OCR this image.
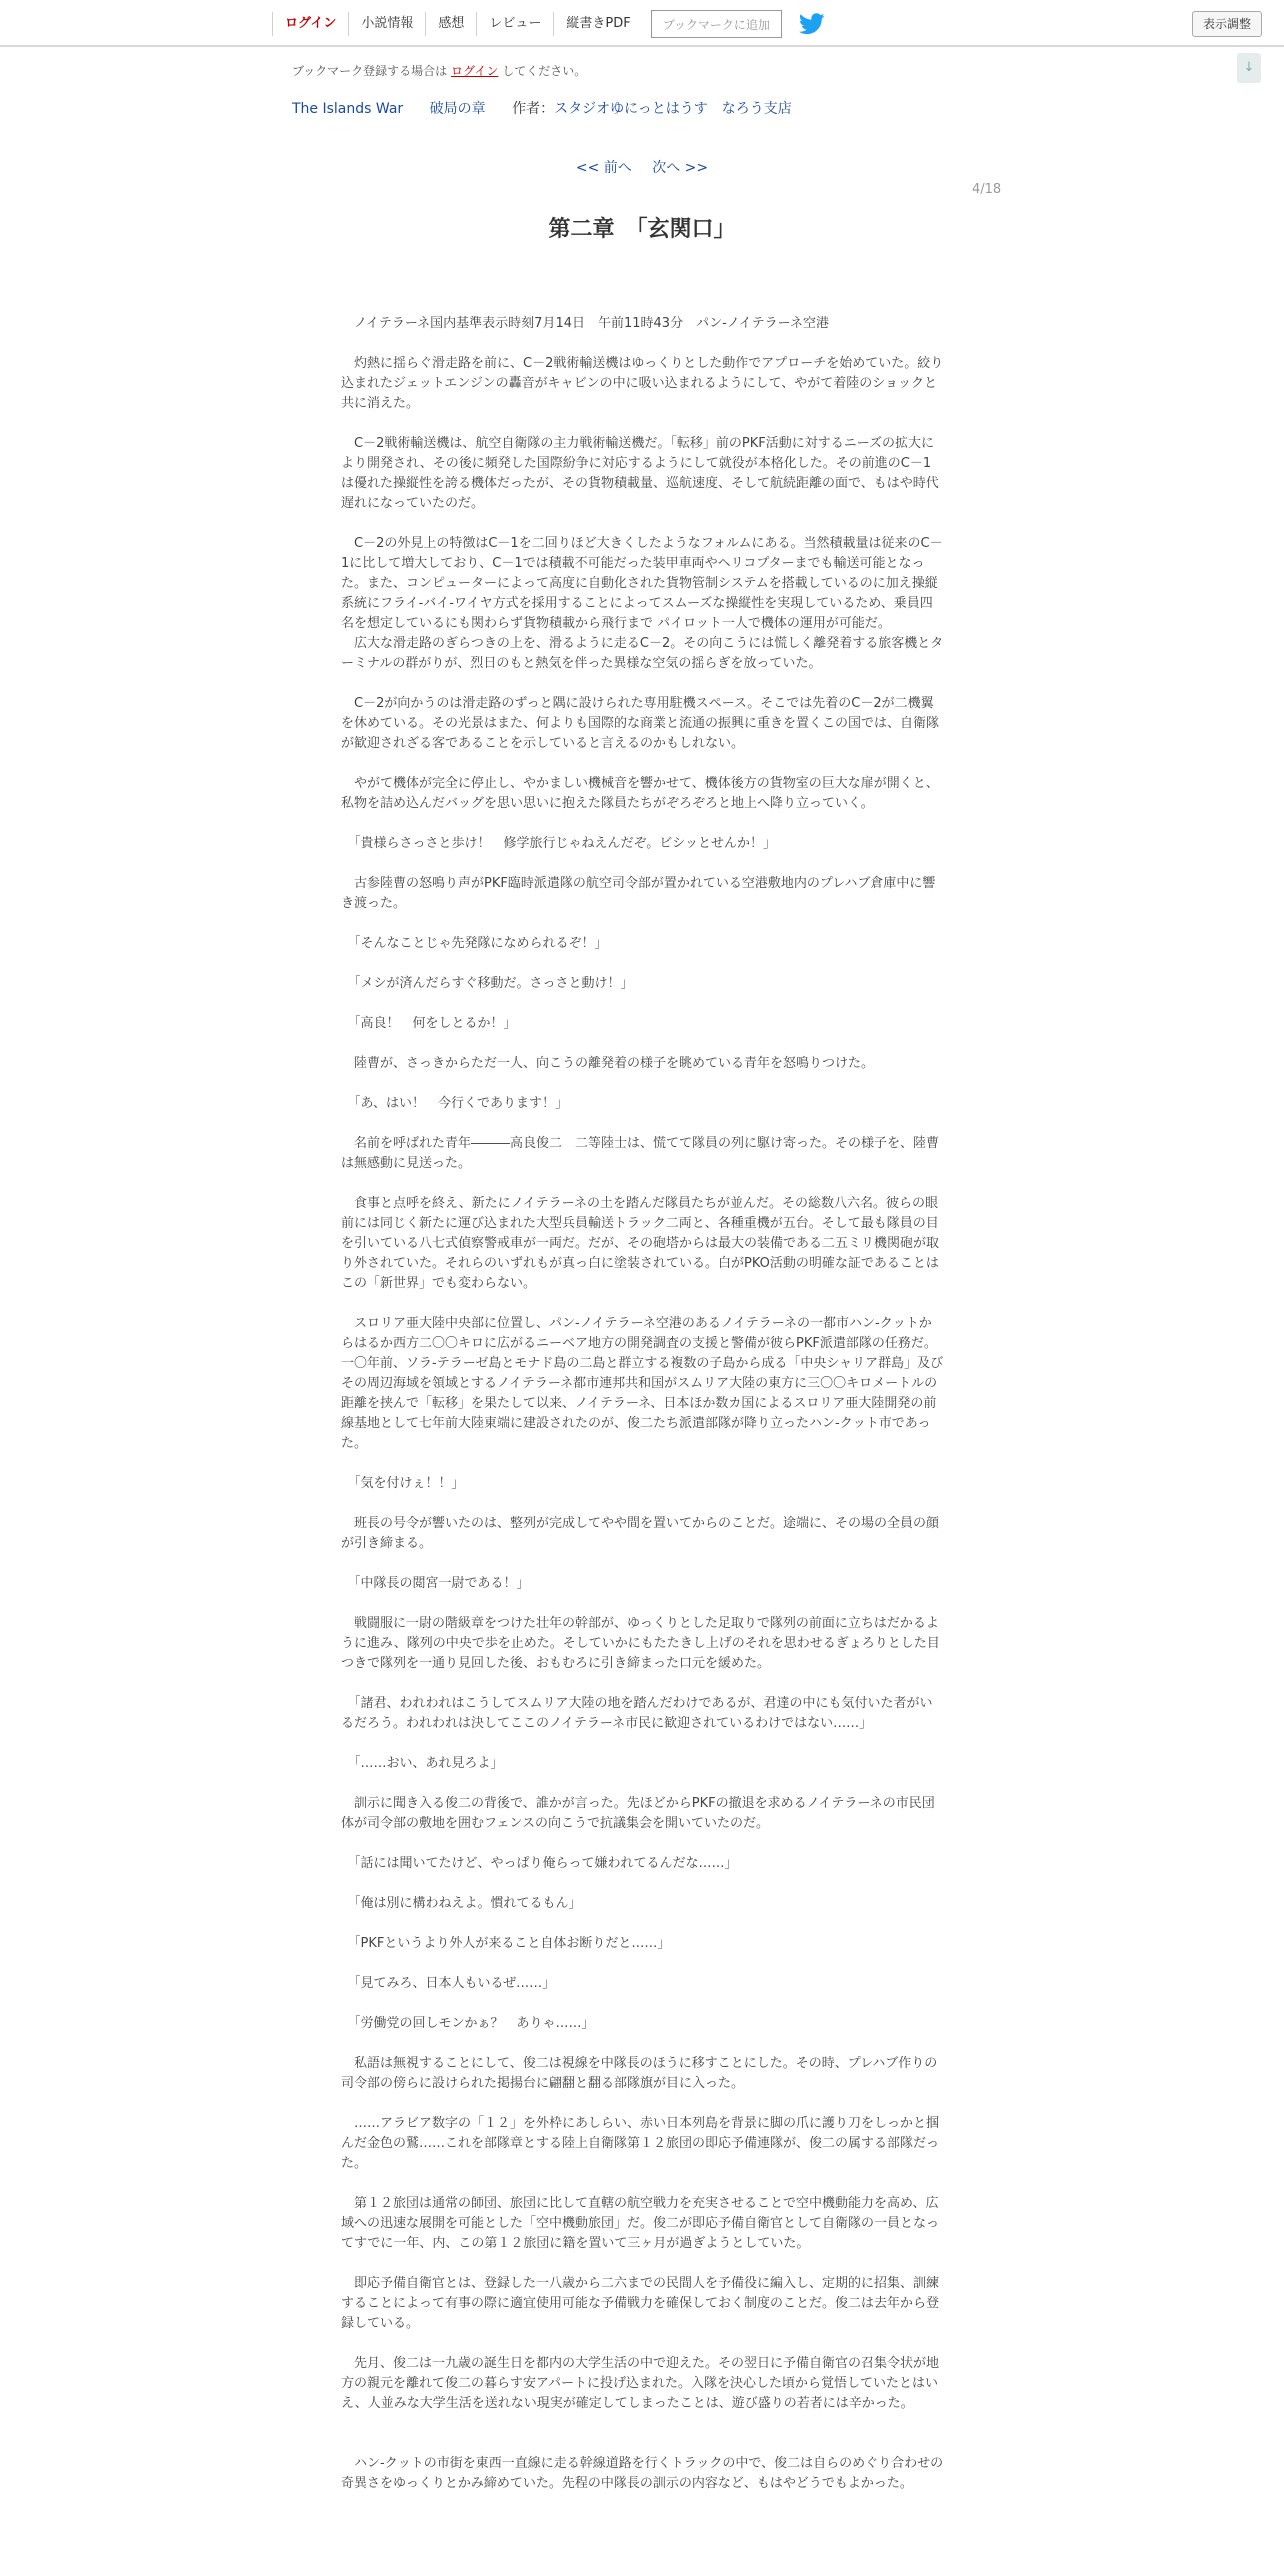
ログイン	小説情報	感想	レビュー	縦書きPDF	ブックマークに追加	表示調整
↓
ブックマーク登録する場合は ログイン してください。
The Islands War 破局の章 作者：スタジオゆにっとはうす　なろう支店
<< 前へ 次へ >>
4/18
第二章　「玄関口」

　ノイテラーネ国内基準表示時刻7月14日　午前11時43分　パン-ノイテラーネ空港

　灼熱に揺らぐ滑走路を前に、C－2戦術輸送機はゆっくりとした動作でアプローチを始めていた。絞り込まれたジェットエンジンの轟音がキャビンの中に吸い込まれるようにして、やがて着陸のショックと共に消えた。

　C－2戦術輸送機は、航空自衛隊の主力戦術輸送機だ。「転移」前のPKF活動に対するニーズの拡大により開発され、その後に頻発した国際紛争に対応するようにして就役が本格化した。その前進のC－1は優れた操縦性を誇る機体だったが、その貨物積載量、巡航速度、そして航続距離の面で、もはや時代遅れになっていたのだ。

　C－2の外見上の特徴はC－1を二回りほど大きくしたようなフォルムにある。当然積載量は従来のC－1に比して増大しており、C－1では積載不可能だった装甲車両やヘリコプターまでも輸送可能となった。また、コンピューターによって高度に自動化された貨物管制システムを搭載しているのに加え操縦系統にフライ-バイ-ワイヤ方式を採用することによってスムーズな操縦性を実現しているため、乗員四名を想定しているにも関わらず貨物積載から飛行まで パイロット一人で機体の運用が可能だ。

　広大な滑走路のぎらつきの上を、滑るように走るC－2。その向こうには慌しく離発着する旅客機とターミナルの群がりが、烈日のもと熱気を伴った異様な空気の揺らぎを放っていた。

　C－2が向かうのは滑走路のずっと隅に設けられた専用駐機スペース。そこでは先着のC－2が二機翼を休めている。その光景はまた、何よりも国際的な商業と流通の振興に重きを置くこの国では、自衛隊が歓迎されざる客であることを示していると言えるのかもしれない。

　やがて機体が完全に停止し、やかましい機械音を響かせて、機体後方の貨物室の巨大な扉が開くと、私物を詰め込んだバッグを思い思いに抱えた隊員たちがぞろぞろと地上へ降り立っていく。

　「貴様らさっさと歩け！　修学旅行じゃねえんだぞ。ビシッとせんか！」

　古参陸曹の怒鳴り声がPKF臨時派遣隊の航空司令部が置かれている空港敷地内のプレハブ倉庫中に響き渡った。

　「そんなことじゃ先発隊になめられるぞ！」

　「メシが済んだらすぐ移動だ。さっさと動け！」

　「高良！　何をしとるか！」

　陸曹が、さっきからただ一人、向こうの離発着の様子を眺めている青年を怒鳴りつけた。

　「あ、はい！　今行くであります！」

　名前を呼ばれた青年―――高良俊二　二等陸士は、慌てて隊員の列に駆け寄った。その様子を、陸曹は無感動に見送った。

　食事と点呼を終え、新たにノイテラーネの土を踏んだ隊員たちが並んだ。その総数八六名。彼らの眼前には同じく新たに運び込まれた大型兵員輸送トラック二両と、各種重機が五台。そして最も隊員の目を引いている八七式偵察警戒車が一両だ。だが、その砲塔からは最大の装備である二五ミリ機関砲が取り外されていた。それらのいずれもが真っ白に塗装されている。白がPKO活動の明確な証であることはこの「新世界」でも変わらない。

　スロリア亜大陸中央部に位置し、パン-ノイテラーネ空港のあるノイテラーネの一都市ハン-クットからはるか西方二〇〇キロに広がるニーベア地方の開発調査の支援と警備が彼らPKF派遣部隊の任務だ。一〇年前、ソラ-テラーゼ島とモナド島の二島と群立する複数の子島から成る「中央シャリア群島」及びその周辺海域を領域とするノイテラーネ都市連邦共和国がスムリア大陸の東方に三〇〇キロメートルの距離を挟んで「転移」を果たして以来、ノイテラーネ、日本ほか数カ国によるスロリア亜大陸開発の前線基地として七年前大陸東端に建設されたのが、俊二たち派遣部隊が降り立ったハン-クット市であった。

　「気を付けぇ！！」

　班長の号令が響いたのは、整列が完成してやや間を置いてからのことだ。途端に、その場の全員の顔が引き締まる。

　「中隊長の閲宮一尉である！」

　戦闘服に一尉の階級章をつけた壮年の幹部が、ゆっくりとした足取りで隊列の前面に立ちはだかるように進み、隊列の中央で歩を止めた。そしていかにもたたきし上げのそれを思わせるぎょろりとした目つきで隊列を一通り見回した後、おもむろに引き締まった口元を緩めた。

　「諸君、われわれはこうしてスムリア大陸の地を踏んだわけであるが、君達の中にも気付いた者がいるだろう。われわれは決してここのノイテラーネ市民に歓迎されているわけではない……」

　「……おい、あれ見ろよ」

　訓示に聞き入る俊二の背後で、誰かが言った。先ほどからPKFの撤退を求めるノイテラーネの市民団体が司令部の敷地を囲むフェンスの向こうで抗議集会を開いていたのだ。

　「話には聞いてたけど、やっぱり俺らって嫌われてるんだな……」

　「俺は別に構わねえよ。慣れてるもん」

　「PKFというより外人が来ること自体お断りだと……」

　「見てみろ、日本人もいるぜ……」

　「労働党の回しモンかぁ？　ありゃ……」

　私語は無視することにして、俊二は視線を中隊長のほうに移すことにした。その時、プレハブ作りの司令部の傍らに設けられた掲揚台に翩翻と翻る部隊旗が目に入った。

　……アラビア数字の「１２」を外枠にあしらい、赤い日本列島を背景に脚の爪に護り刀をしっかと掴んだ金色の鷲……これを部隊章とする陸上自衛隊第１２旅団の即応予備連隊が、俊二の属する部隊だった。

　第１２旅団は通常の師団、旅団に比して直轄の航空戦力を充実させることで空中機動能力を高め、広域への迅速な展開を可能とした「空中機動旅団」だ。俊二が即応予備自衛官として自衛隊の一員となってすでに一年、内、この第１２旅団に籍を置いて三ヶ月が過ぎようとしていた。

　即応予備自衛官とは、登録した一八歳から二六までの民間人を予備役に編入し、定期的に招集、訓練することによって有事の際に適宜使用可能な予備戦力を確保しておく制度のことだ。俊二は去年から登録している。

　先月、俊二は一九歳の誕生日を都内の大学生活の中で迎えた。その翌日に予備自衛官の召集令状が地方の親元を離れて俊二の暮らす安アパートに投げ込まれた。入隊を決心した頃から覚悟していたとはいえ、人並みな大学生活を送れない現実が確定してしまったことは、遊び盛りの若者には辛かった。

　ハン-クットの市街を東西一直線に走る幹線道路を行くトラックの中で、俊二は自らのめぐり合わせの奇異さをゆっくりとかみ締めていた。先程の中隊長の訓示の内容など、もはやどうでもよかった。
